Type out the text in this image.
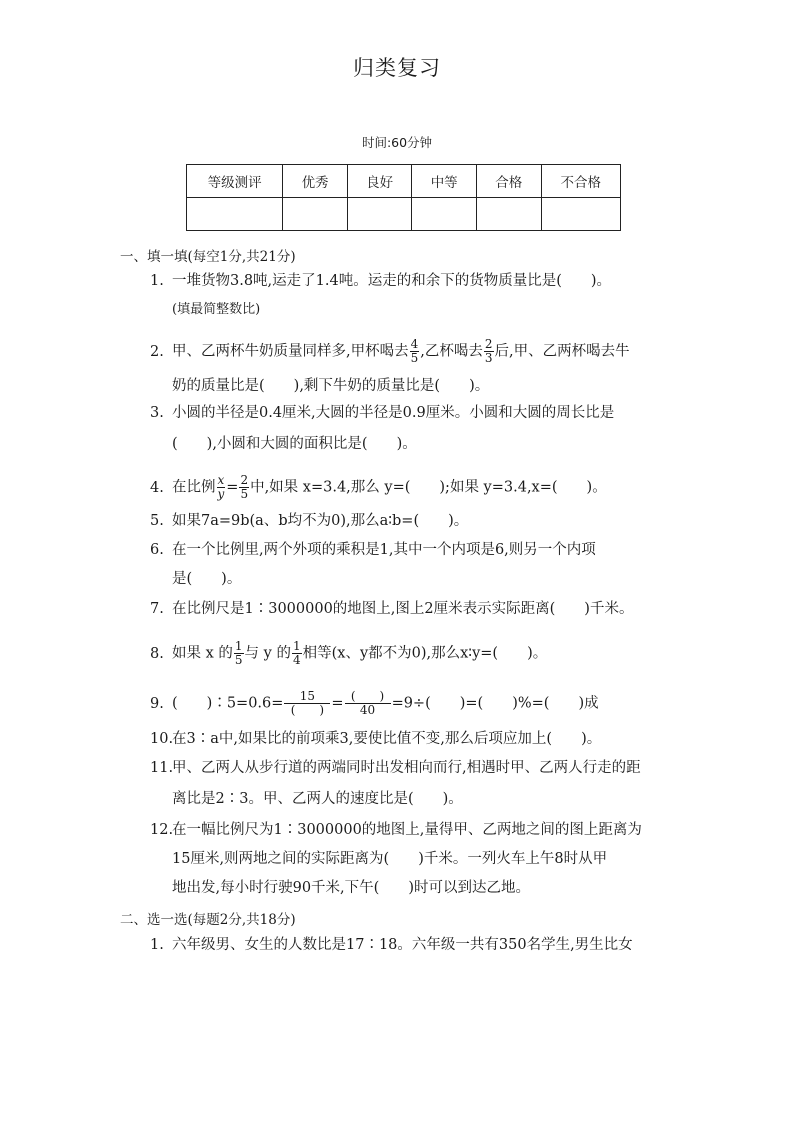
归类复习
时间:60分钟
等级测评	优秀	良好	中等	合格	不合格

一、填一填(每空1分,共21分)
1. 一堆货物3.8吨,运走了1.4吨。运走的和余下的货物质量比是(　　)。
(填最简整数比)
2. 甲、乙两杯牛奶质量同样多,甲杯喝去 $\frac{4}{5}$ ,乙杯喝去 $\frac{2}{3}$ 后,甲、乙两杯喝去牛
奶的质量比是(　　),剩下牛奶的质量比是(　　)。
3. 小圆的半径是0.4厘米,大圆的半径是0.9厘米。小圆和大圆的周长比是
(　　),小圆和大圆的面积比是(　　)。
4. 在比例 $\frac{x}{y} = \frac{2}{5}$ 中,如果 x=3.4,那么 y=(　　);如果 y=3.4,x=(　　)。
5. 如果7a=9b(a、b均不为0),那么a∶b=(　　)。
6. 在一个比例里,两个外项的乘积是1,其中一个内项是6,则另一个内项
是(　　)。
7. 在比例尺是1∶3000000的地图上,图上2厘米表示实际距离(　　)千米。
8. 如果 x 的 $\frac{1}{5}$ 与 y 的 $\frac{1}{4}$ 相等(x、y都不为0),那么x∶y=(　　)。
9. (　　)∶5=0.6= $\frac{15}{( )} = \frac{( )}{40} =9\div$(　　)=(　　)%=(　　)成
10.在3∶a中,如果比的前项乘3,要使比值不变,那么后项应加上(　　)。
11.甲、乙两人从步行道的两端同时出发相向而行,相遇时甲、乙两人行走的距
离比是2∶3。甲、乙两人的速度比是(　　)。
12.在一幅比例尺为1∶3000000的地图上,量得甲、乙两地之间的图上距离为
15厘米,则两地之间的实际距离为(　　)千米。一列火车上午8时从甲
地出发,每小时行驶90千米,下午(　　)时可以到达乙地。
二、选一选(每题2分,共18分)
1. 六年级男、女生的人数比是17∶18。六年级一共有350名学生,男生比女
